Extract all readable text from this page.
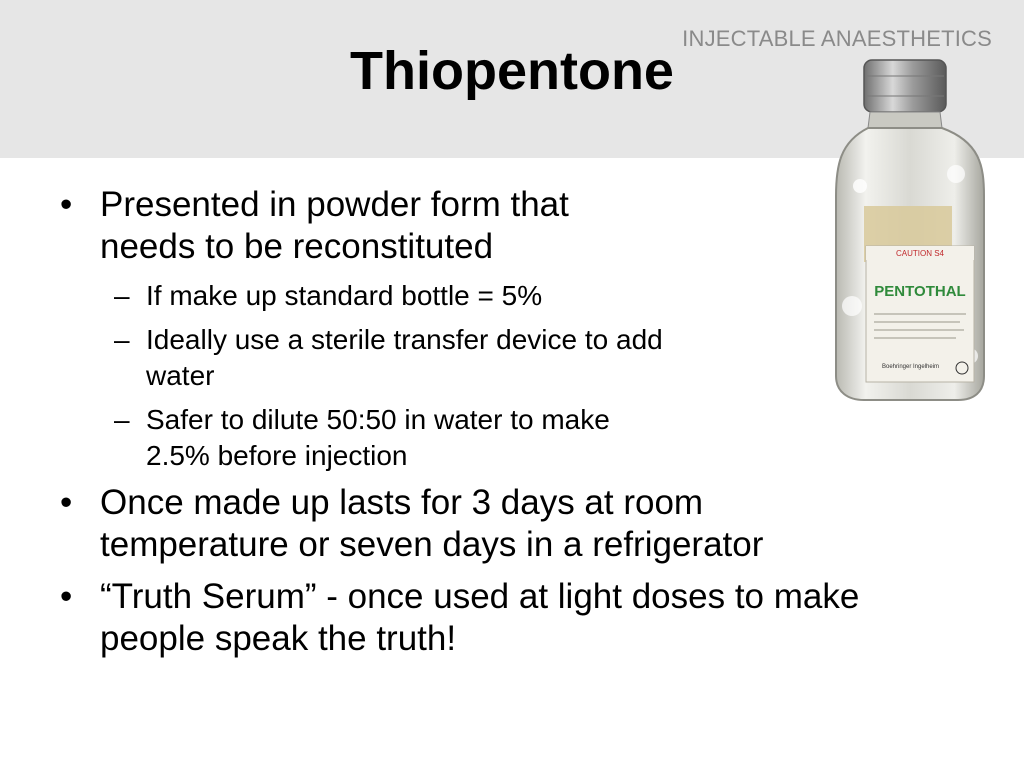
INJECTABLE ANAESTHETICS
Thiopentone
• Presented in powder form that needs to be reconstituted
– If make up standard bottle = 5%
– Ideally use a sterile transfer device to add water
– Safer to dilute 50:50 in water to make 2.5% before injection
• Once made up lasts for 3 days at room temperature or seven days in a refrigerator
• “Truth Serum” - once used at light doses to make people speak the truth!
CAUTION S4
PENTOTHAL
Boehringer Ingelheim
